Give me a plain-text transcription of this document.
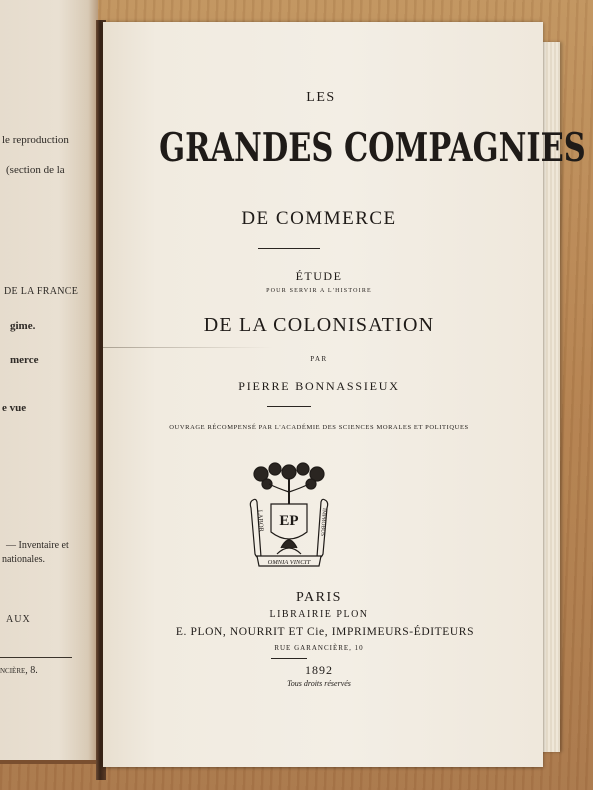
le reproduction
(section de la
DE LA FRANCE
gime.
merce
e vue
— Inventaire et
nationales.
AUX
ncière, 8.
LES
GRANDES COMPAGNIES
DE COMMERCE
ÉTUDE
POUR SERVIR A L'HISTOIRE
DE LA COLONISATION
PAR
PIERRE BONNASSIEUX
OUVRAGE RÉCOMPENSÉ PAR L'ACADÉMIE DES SCIENCES MORALES ET POLITIQUES
EP
LABOR	IMPROBUS
OMNIA VINCIT
PARIS
LIBRAIRIE PLON
E. PLON, NOURRIT ET Cie, IMPRIMEURS-ÉDITEURS
RUE GARANCIÈRE, 10
1892
Tous droits réservés
